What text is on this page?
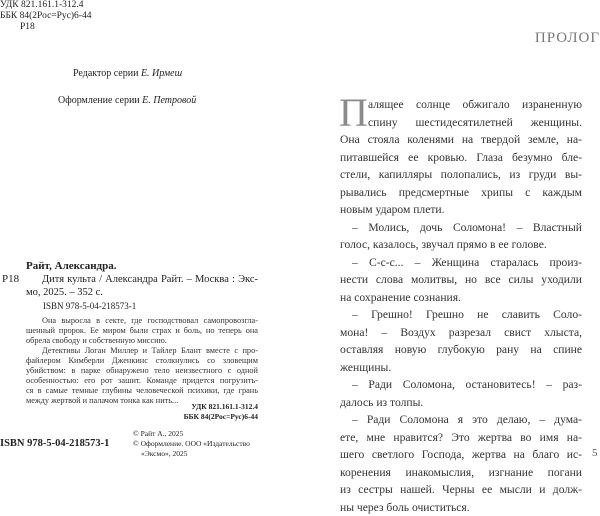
УДК 821.161.1-312.4
ББК 84(2Рос=Рус)6-44
Р18
Редактор серии Е. Ирмеш
Оформление серии Е. Петровой
Райт, Александра.
Р18	Дитя культа / Александра Райт. – Москва : Экс-
мо, 2025. – 352 с.
ISBN 978-5-04-218573-1
Она выросла в секте, где господствовал самопровозгла-
шенный пророк. Ее миром были страх и боль, но теперь она
обрела свободу и собственную миссию.
Детективы Логан Миллер и Тайлер Блант вместе с про-
файлером Кимберли Дженкинс столкнулись со зловещим
убийством: в парке обнаружено тело неизвестного с одной
особенностью: его рот зашит. Команде придется погрузить-
ся в самые темные глубины человеческой психики, где грань
между жертвой и палачом тонка как нить...
УДК 821.161.1-312.4
ББК 84(2Рос=Рус)6-44
ISBN 978-5-04-218573-1
© Райт А., 2025
© Оформление. ООО «Издательство
«Эксмо», 2025
ПРОЛОГ
П алящее солнце обжигало израненную
спину шестидесятилетней женщины.
Она стояла коленями на твердой земле, на-
питавшейся ее кровью. Глаза безумно бле-
стели, капилляры полопались, из груди вы-
рывались предсмертные хрипы с каждым
новым ударом плети.
– Молись, дочь Соломона! – Властный
голос, казалось, звучал прямо в ее голове.
– С-с-с... – Женщина старалась произ-
нести слова молитвы, но все силы уходили
на сохранение сознания.
– Грешно! Грешно не славить Соло-
мона! – Воздух разрезал свист хлыста,
оставляя новую глубокую рану на спине
женщины.
– Ради Соломона, остановитесь! – раз-
далось из толпы.
– Ради Соломона я это делаю, – дума-
ете, мне нравится? Это жертва во имя на-
шего светлого Господа, жертва на благо ис-
коренения инакомыслия, изгнание погани
из сестры нашей. Черны ее мысли и долж-
ны через боль очиститься.
5
